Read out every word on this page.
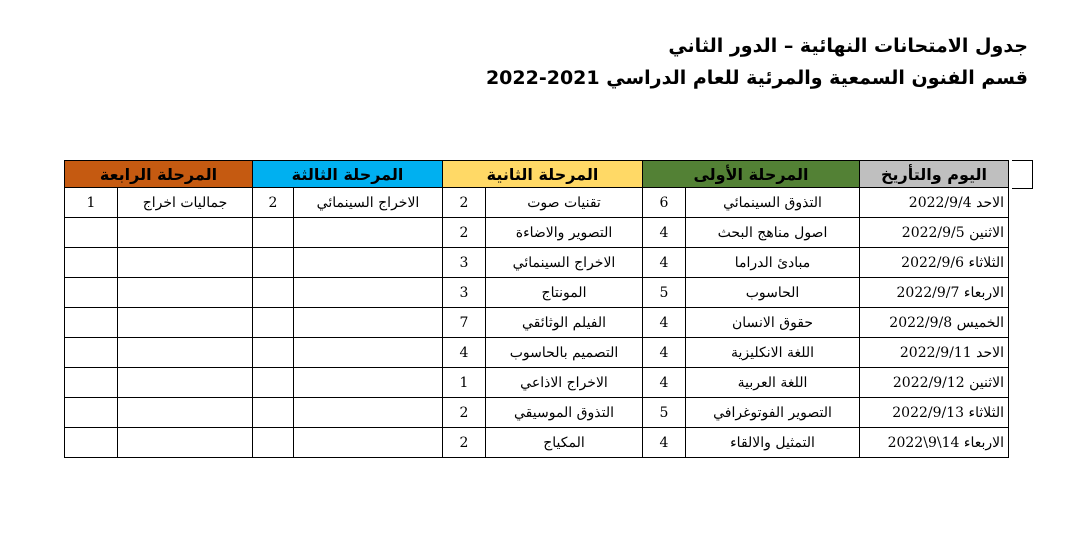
جدول الامتحانات النهائية – الدور الثاني
قسم الفنون السمعية والمرئية للعام الدراسي 2021-2022
اليوم والتأريخ	المرحلة الأولى		المرحلة الثانية		المرحلة الثالثة		المرحلة الرابعة	
الاحد 2022/9/4	التذوق السينمائي	6	تقنيات صوت	2	الاخراج السينمائي	2	جماليات اخراج	1
الاثنين 2022/9/5	اصول مناهج البحث	4	التصوير والاضاءة	2				
الثلاثاء 2022/9/6	مبادئ الدراما	4	الاخراج السينمائي	3				
الاربعاء 2022/9/7	الحاسوب	5	المونتاج	3				
الخميس 2022/9/8	حقوق الانسان	4	الفيلم الوثائقي	7				
الاحد 2022/9/11	اللغة الانكليزية	4	التصميم بالحاسوب	4				
الاثنين 2022/9/12	اللغة العربية	4	الاخراج الاذاعي	1				
الثلاثاء 2022/9/13	التصوير الفوتوغرافي	5	التذوق الموسيقي	2				
الاربعاء 14\9\2022	التمثيل والالقاء	4	المكياج	2				
